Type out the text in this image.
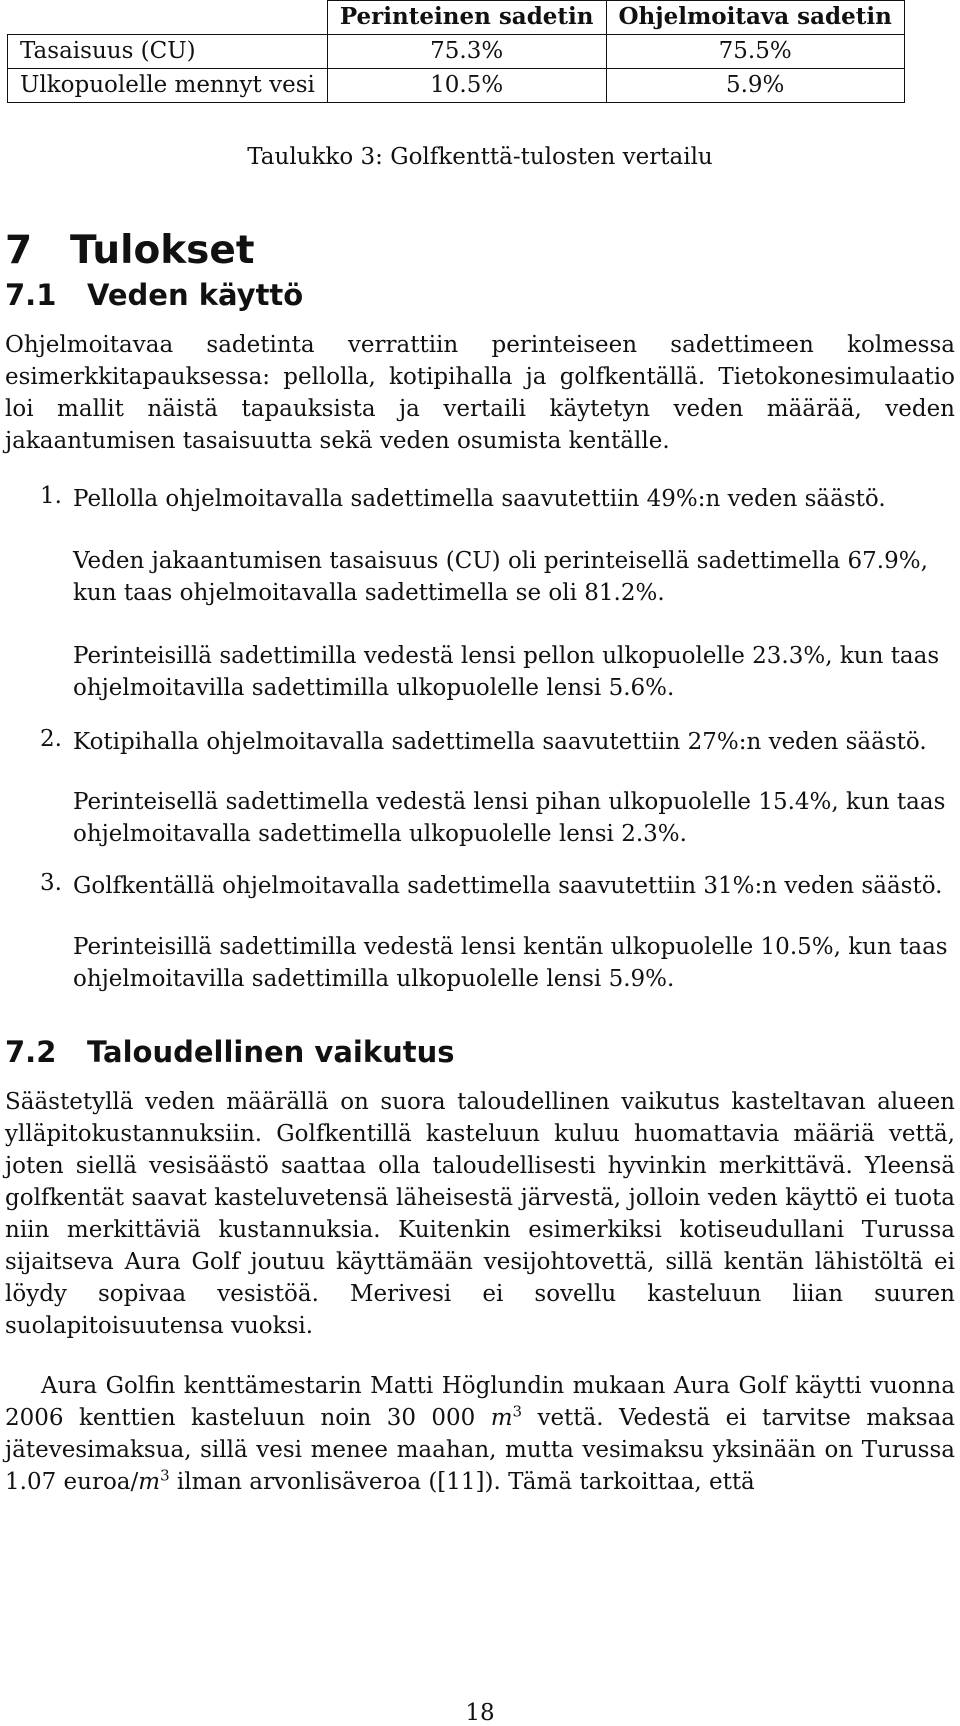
	Perinteinen sadetin	Ohjelmoitava sadetin
Tasaisuus (CU)	75.3%	75.5%
Ulkopuolelle mennyt vesi	10.5%	5.9%
Taulukko 3: Golfkenttä-tulosten vertailu
7 Tulokset
7.1 Veden käyttö
Ohjelmoitavaa sadetinta verrattiin perinteiseen sadettimeen kolmessa esimerkkitapauksessa: pellolla, kotipihalla ja golfkentällä. Tietokonesimulaatio loi mallit näistä tapauksista ja vertaili käytetyn veden määrää, veden jakaantumisen tasaisuutta sekä veden osumista kentälle.
1. Pellolla ohjelmoitavalla sadettimella saavutettiin 49%:n veden säästö.
Veden jakaantumisen tasaisuus (CU) oli perinteisellä sadettimella 67.9%, kun taas ohjelmoitavalla sadettimella se oli 81.2%.
Perinteisillä sadettimilla vedestä lensi pellon ulkopuolelle 23.3%, kun taas ohjelmoitavilla sadettimilla ulkopuolelle lensi 5.6%.
2. Kotipihalla ohjelmoitavalla sadettimella saavutettiin 27%:n veden säästö.
Perinteisellä sadettimella vedestä lensi pihan ulkopuolelle 15.4%, kun taas ohjelmoitavalla sadettimella ulkopuolelle lensi 2.3%.
3. Golfkentällä ohjelmoitavalla sadettimella saavutettiin 31%:n veden säästö.
Perinteisillä sadettimilla vedestä lensi kentän ulkopuolelle 10.5%, kun taas ohjelmoitavilla sadettimilla ulkopuolelle lensi 5.9%.
7.2 Taloudellinen vaikutus
Säästetyllä veden määrällä on suora taloudellinen vaikutus kasteltavan alueen ylläpitokustannuksiin. Golfkentillä kasteluun kuluu huomattavia määriä vettä, joten siellä vesisäästö saattaa olla taloudellisesti hyvinkin merkittävä. Yleensä golfkentät saavat kasteluvetensä läheisestä järvestä, jolloin veden käyttö ei tuota niin merkittäviä kustannuksia. Kuitenkin esimerkiksi kotiseudullani Turussa sijaitseva Aura Golf joutuu käyttämään vesijohtovettä, sillä kentän lähistöltä ei löydy sopivaa vesistöä. Merivesi ei sovellu kasteluun liian suuren suolapitoisuutensa vuoksi.
Aura Golfin kenttämestarin Matti Höglundin mukaan Aura Golf käytti vuonna 2006 kenttien kasteluun noin 30 000 $m^3$ vettä. Vedestä ei tarvitse maksaa jätevesimaksua, sillä vesi menee maahan, mutta vesimaksu yksinään on Turussa 1.07 euroa/$m^3$ ilman arvonlisäveroa ([11]). Tämä tarkoittaa, että
18
